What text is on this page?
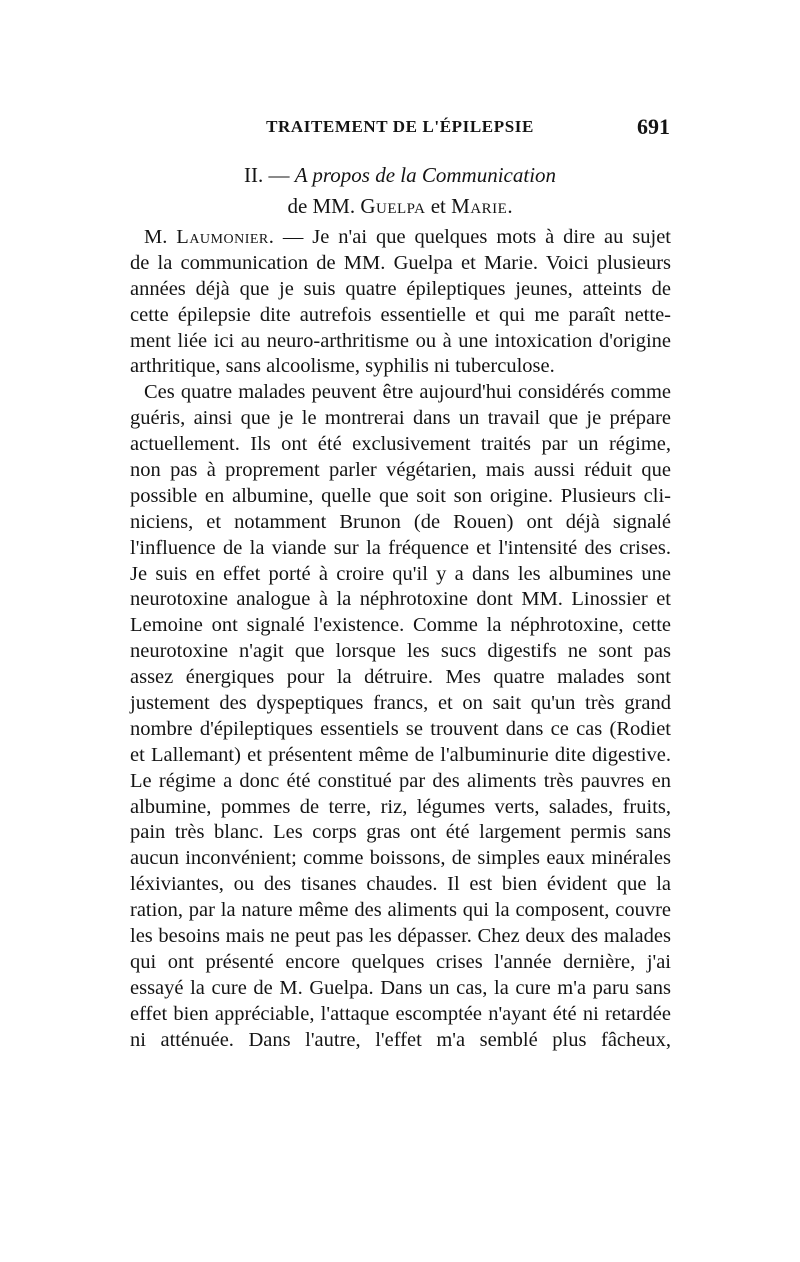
TRAITEMENT DE L'ÉPILEPSIE	691
II. — A propos de la Communication
de MM. Guelpa et Marie.
M. Laumonier. — Je n'ai que quelques mots à dire au sujet
de la communication de MM. Guelpa et Marie. Voici plusieurs
années déjà que je suis quatre épileptiques jeunes, atteints de
cette épilepsie dite autrefois essentielle et qui me paraît nette-
ment liée ici au neuro-arthritisme ou à une intoxication d'origine
arthritique, sans alcoolisme, syphilis ni tuberculose.
Ces quatre malades peuvent être aujourd'hui considérés comme
guéris, ainsi que je le montrerai dans un travail que je prépare
actuellement. Ils ont été exclusivement traités par un régime,
non pas à proprement parler végétarien, mais aussi réduit que
possible en albumine, quelle que soit son origine. Plusieurs cli-
niciens, et notamment Brunon (de Rouen) ont déjà signalé
l'influence de la viande sur la fréquence et l'intensité des crises.
Je suis en effet porté à croire qu'il y a dans les albumines une
neurotoxine analogue à la néphrotoxine dont MM. Linossier et
Lemoine ont signalé l'existence. Comme la néphrotoxine, cette
neurotoxine n'agit que lorsque les sucs digestifs ne sont pas
assez énergiques pour la détruire. Mes quatre malades sont
justement des dyspeptiques francs, et on sait qu'un très grand
nombre d'épileptiques essentiels se trouvent dans ce cas (Rodiet
et Lallemant) et présentent même de l'albuminurie dite digestive.
Le régime a donc été constitué par des aliments très pauvres en
albumine, pommes de terre, riz, légumes verts, salades, fruits,
pain très blanc. Les corps gras ont été largement permis sans
aucun inconvénient; comme boissons, de simples eaux minérales
léxiviantes, ou des tisanes chaudes. Il est bien évident que la
ration, par la nature même des aliments qui la composent, couvre
les besoins mais ne peut pas les dépasser. Chez deux des malades
qui ont présenté encore quelques crises l'année dernière, j'ai
essayé la cure de M. Guelpa. Dans un cas, la cure m'a paru sans
effet bien appréciable, l'attaque escomptée n'ayant été ni retardée
ni atténuée. Dans l'autre, l'effet m'a semblé plus fâcheux,
